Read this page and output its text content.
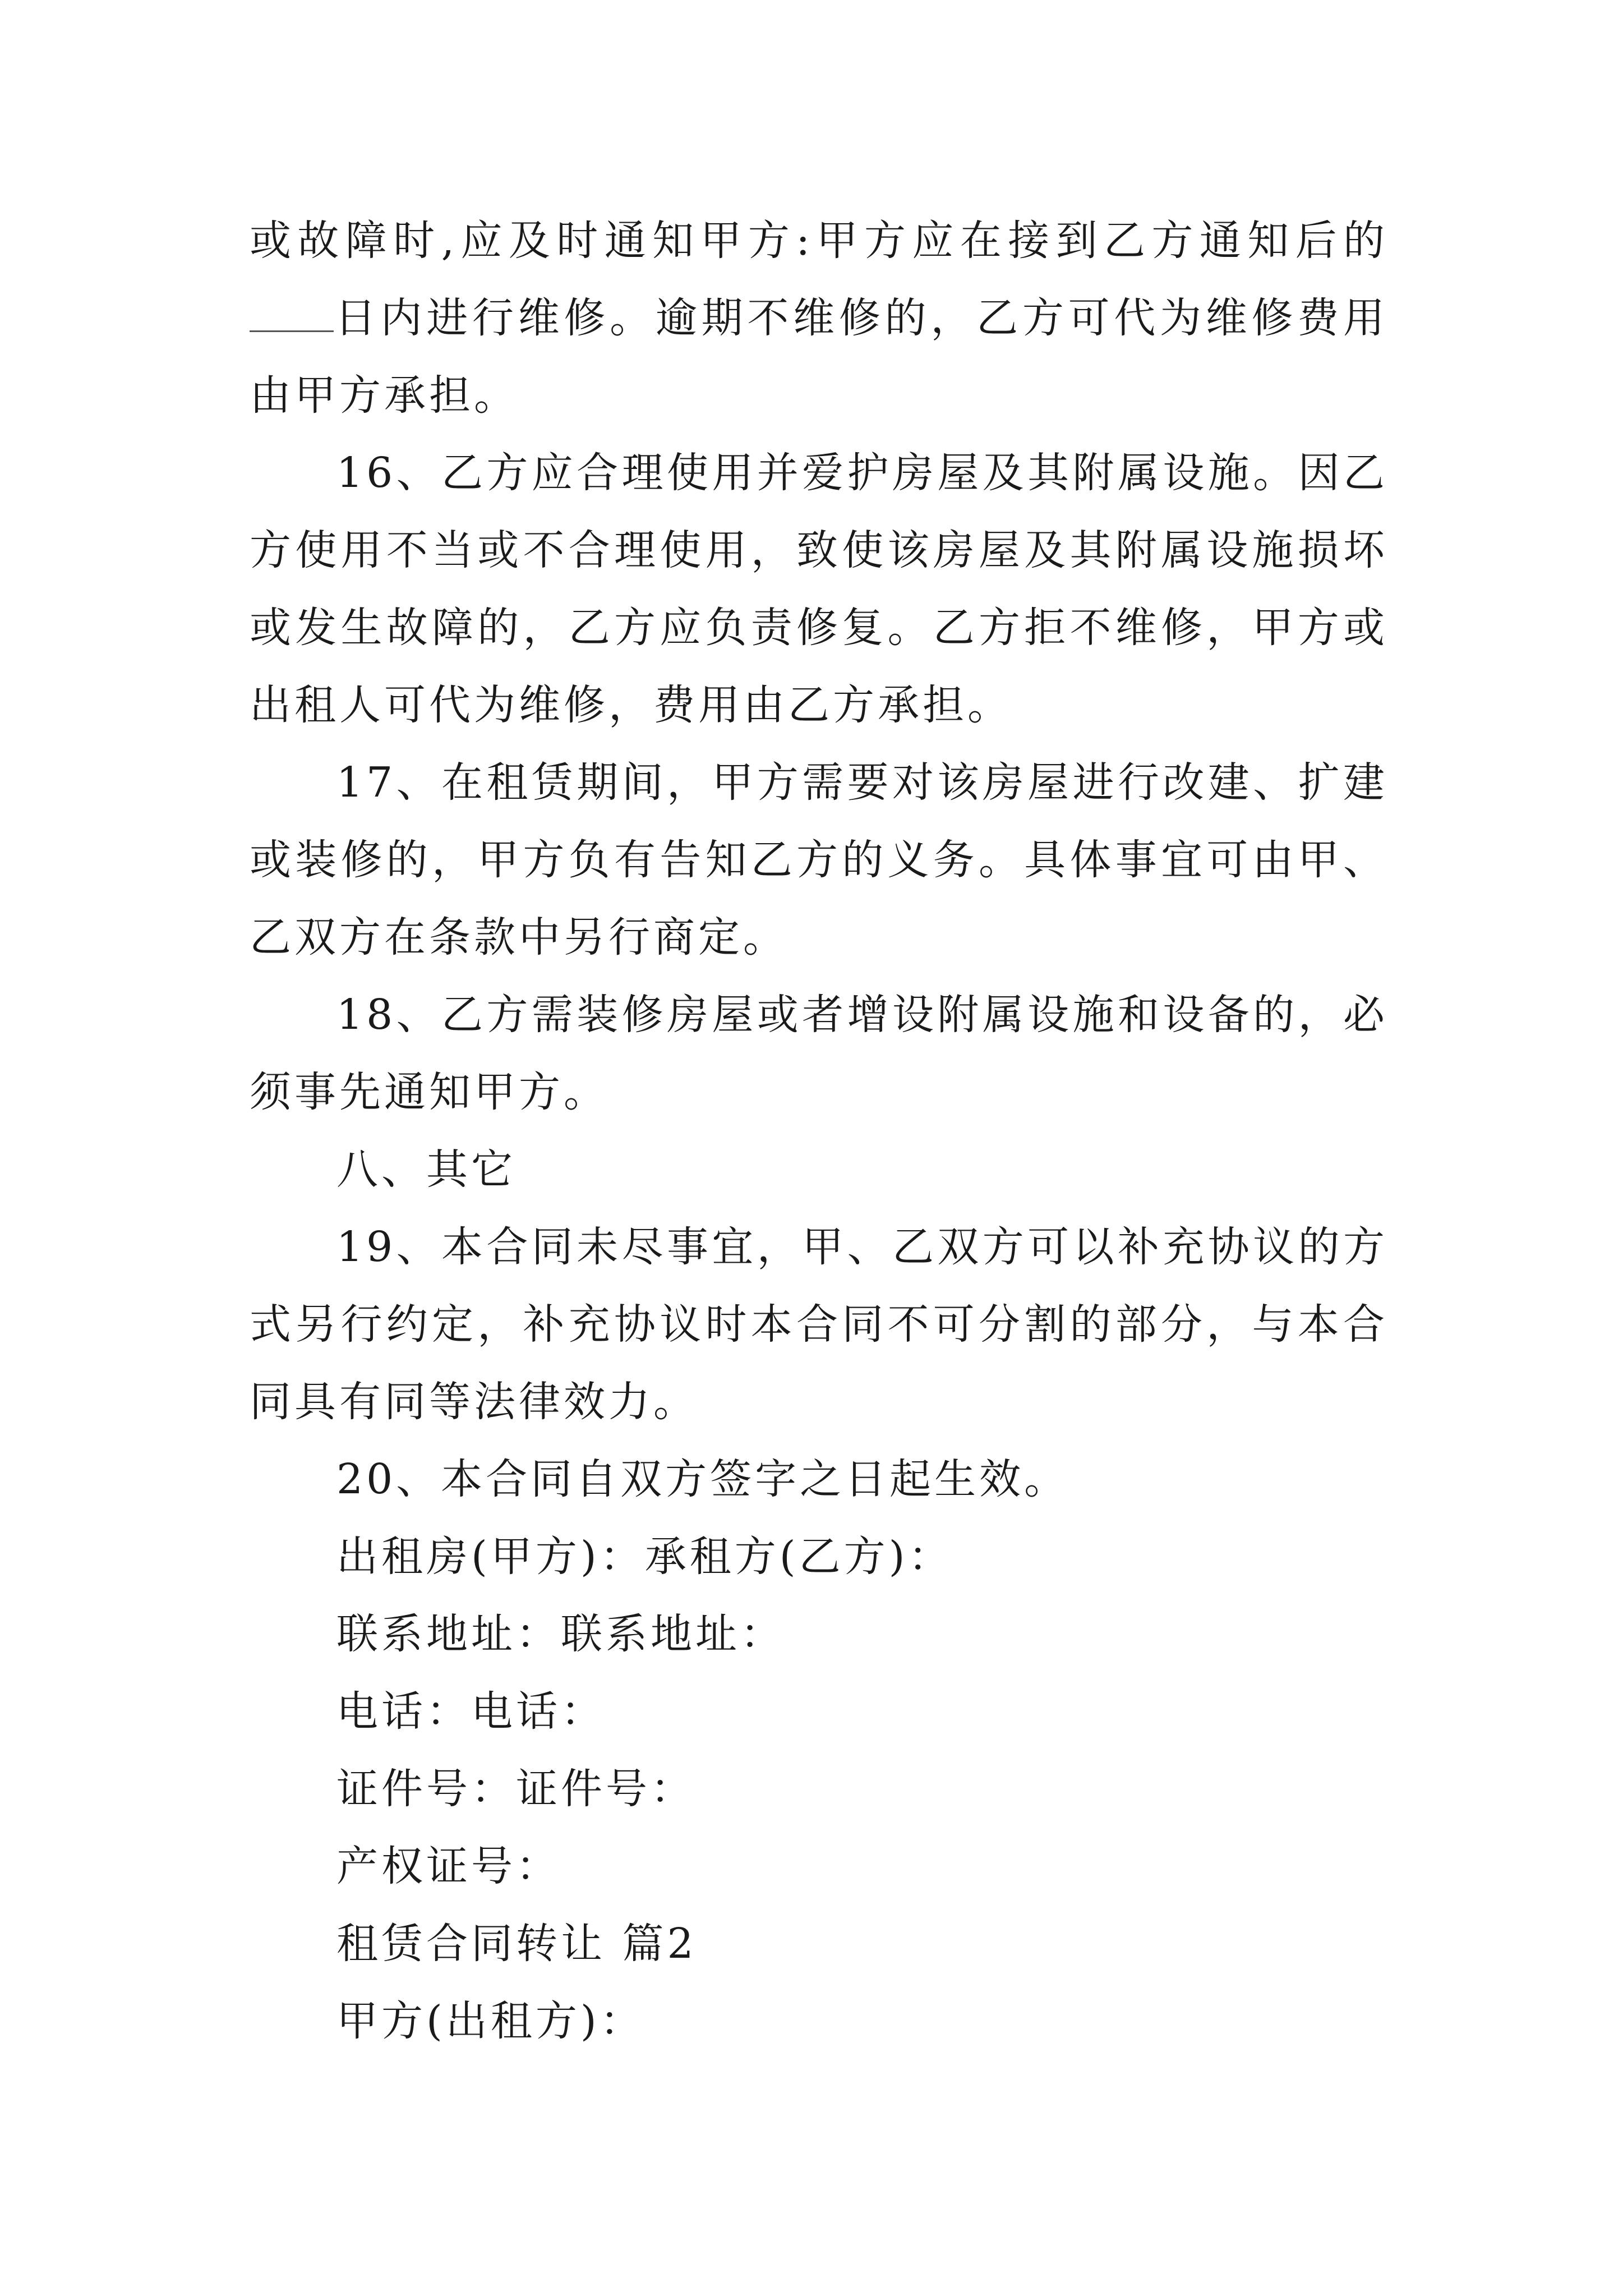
或故障时,应及时通知甲方:甲方应在接到乙方通知后的日内进行维修。逾期不维修的，乙方可代为维修费用由甲方承担。

16、乙方应合理使用并爱护房屋及其附属设施。因乙方使用不当或不合理使用，致使该房屋及其附属设施损坏或发生故障的，乙方应负责修复。乙方拒不维修，甲方或出租人可代为维修，费用由乙方承担。

17、在租赁期间，甲方需要对该房屋进行改建、扩建或装修的，甲方负有告知乙方的义务。具体事宜可由甲、乙双方在条款中另行商定。

18、乙方需装修房屋或者增设附属设施和设备的，必须事先通知甲方。

八、其它

19、本合同未尽事宜，甲、乙双方可以补充协议的方式另行约定，补充协议时本合同不可分割的部分，与本合同具有同等法律效力。

20、本合同自双方签字之日起生效。

出租房(甲方)：承租方(乙方)：

联系地址：联系地址：

电话：电话：

证件号：证件号：

产权证号：

租赁合同转让 篇2

甲方(出租方)：
